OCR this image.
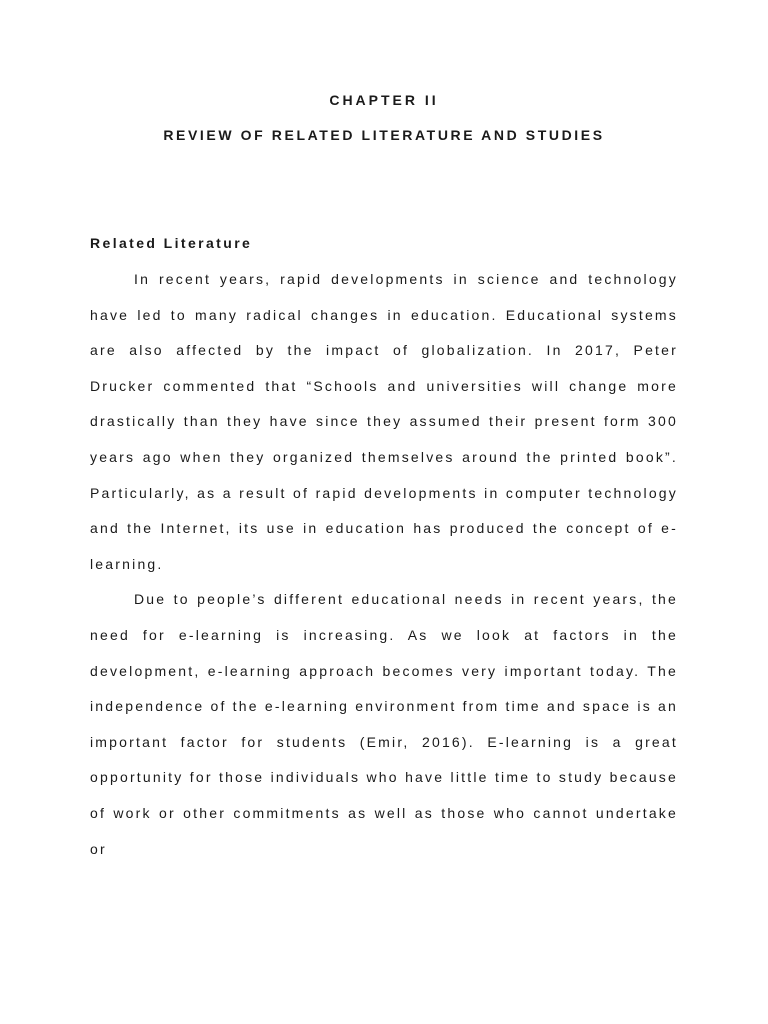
CHAPTER II
REVIEW OF RELATED LITERATURE AND STUDIES
Related Literature

In recent years, rapid developments in science and technology have led to many radical changes in education. Educational systems are also affected by the impact of globalization. In 2017, Peter Drucker commented that “Schools and universities will change more drastically than they have since they assumed their present form 300 years ago when they organized themselves around the printed book”. Particularly, as a result of rapid developments in computer technology and the Internet, its use in education has produced the concept of e-learning.

Due to people’s different educational needs in recent years, the need for e-learning is increasing. As we look at factors in the development, e-learning approach becomes very important today. The independence of the e-learning environment from time and space is an important factor for students (Emir, 2016). E-learning is a great opportunity for those individuals who have little time to study because of work or other commitments as well as those who cannot undertake or
